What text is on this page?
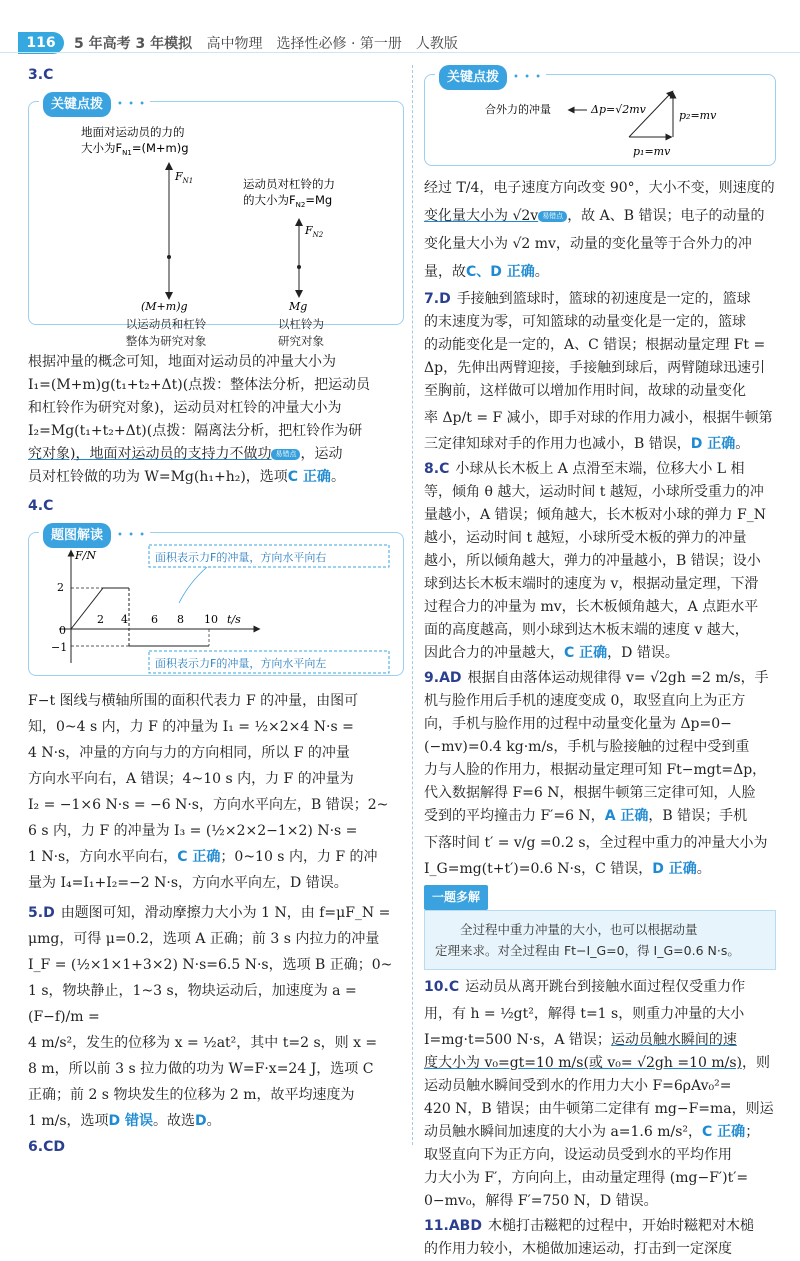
116	5 年高考 3 年模拟 高中物理　选择性必修 · 第一册　人教版

3.C

关键点拨	• • •
地面对运动员的力的
大小为$F_{N1}=(M+m)g$
$F_{N1}$
(M+m)g
运动员对杠铃的力
的大小为$F_{N2}=Mg$
$F_{N2}$
Mg
以运动员和杠铃
整体为研究对象
以杠铃为
研究对象

根据冲量的概念可知，地面对运动员的冲量大小为

I₁=(M+m)g(t₁+t₂+Δt)(点拨：整体法分析，把运动员

和杠铃作为研究对象)，运动员对杠铃的冲量大小为

I₂=Mg(t₁+t₂+Δt)(点拨：隔离法分析，把杠铃作为研

究对象)，地面对运动员的支持力不做功 易错点 ，运动

员对杠铃做的功为 W=Mg(h₁+h₂)，选项C 正确。

4.C

题图解读	• • •
F/N
2
0
−1
2 4 6 8 10 t/s
面积表示力F的冲量，方向水平向右
面积表示力F的冲量，方向水平向左

F−t 图线与横轴所围的面积代表力 F 的冲量，由图可

知，0~4 s 内，力 F 的冲量为 I₁ = ½×2×4 N·s =

4 N·s，冲量的方向与力的方向相同，所以 F 的冲量

方向水平向右，A 错误；4~10 s 内，力 F 的冲量为

I₂ = −1×6 N·s = −6 N·s，方向水平向左，B 错误；2~

6 s 内，力 F 的冲量为 I₃ = (½×2×2−1×2) N·s =

1 N·s，方向水平向右，C 正确；0~10 s 内，力 F 的冲

量为 I₄=I₁+I₂=−2 N·s，方向水平向左，D 错误。

5.D 由题图可知，滑动摩擦力大小为 1 N，由 f=μF_N =

μmg，可得 μ=0.2，选项 A 正确；前 3 s 内拉力的冲量

I_F = (½×1×1+3×2) N·s=6.5 N·s，选项 B 正确；0~

1 s，物块静止，1~3 s，物块运动后，加速度为 a = (F−f)/m =

4 m/s²，发生的位移为 x = ½at²，其中 t=2 s，则 x =

8 m，所以前 3 s 拉力做的功为 W=F·x=24 J，选项 C

正确；前 2 s 物块发生的位移为 2 m，故平均速度为

1 m/s，选项D 错误。故选D。

6.CD

关键点拨	• • •
合外力的冲量	Δp=√2mv	p₂=mv
p₁=mv

经过 T/4，电子速度方向改变 90°，大小不变，则速度的

变化量大小为 √2v 易错点 ，故 A、B 错误；电子的动量的

变化量大小为 √2 mv，动量的变化量等于合外力的冲

量，故C、D 正确。

7.D 手接触到篮球时，篮球的初速度是一定的，篮球

的末速度为零，可知篮球的动量变化是一定的，篮球

的动能变化是一定的，A、C 错误；根据动量定理 Ft =

Δp，先伸出两臂迎接，手接触到球后，两臂随球迅速引

至胸前，这样做可以增加作用时间，故球的动量变化

率 Δp/t = F 减小，即手对球的作用力减小，根据牛顿第

三定律知球对手的作用力也减小，B 错误，D 正确。

8.C 小球从长木板上 A 点滑至末端，位移大小 L 相

等，倾角 θ 越大，运动时间 t 越短，小球所受重力的冲

量越小，A 错误；倾角越大，长木板对小球的弹力 F_N

越小，运动时间 t 越短，小球所受木板的弹力的冲量

越小，所以倾角越大，弹力的冲量越小，B 错误；设小

球到达长木板末端时的速度为 v，根据动量定理，下滑

过程合力的冲量为 mv，长木板倾角越大，A 点距水平

面的高度越高，则小球到达木板末端的速度 v 越大，

因此合力的冲量越大，C 正确，D 错误。

9.AD 根据自由落体运动规律得 v= √2gh =2 m/s，手

机与脸作用后手机的速度变成 0，取竖直向上为正方

向，手机与脸作用的过程中动量变化量为 Δp=0−

(−mv)=0.4 kg·m/s，手机与脸接触的过程中受到重

力与人脸的作用力，根据动量定理可知 Ft−mgt=Δp，

代入数据解得 F=6 N，根据牛顿第三定律可知，人脸

受到的平均撞击力 F′=6 N，A 正确，B 错误；手机

下落时间 t′ = v/g =0.2 s，全过程中重力的冲量大小为

I_G=mg(t+t′)=0.6 N·s，C 错误，D 正确。

一题多解
全过程中重力冲量的大小，也可以根据动量
定理来求。对全过程由 Ft−I_G=0，得 I_G=0.6 N·s。

10.C 运动员从离开跳台到接触水面过程仅受重力作

用，有 h = ½gt²，解得 t=1 s，则重力冲量的大小

I=mg·t=500 N·s，A 错误；运动员触水瞬间的速

度大小为 v₀=gt=10 m/s(或 v₀= √2gh =10 m/s)，则

运动员触水瞬间受到水的作用力大小 F=6ρAv₀²=

420 N，B 错误；由牛顿第二定律有 mg−F=ma，则运

动员触水瞬间加速度的大小为 a=1.6 m/s²，C 正确；

取竖直向下为正方向，设运动员受到水的平均作用

力大小为 F′，方向向上，由动量定理得 (mg−F′)t′=

0−mv₀，解得 F′=750 N，D 错误。

11.ABD 木槌打击糍粑的过程中，开始时糍粑对木槌

的作用力较小，木槌做加速运动，打击到一定深度
